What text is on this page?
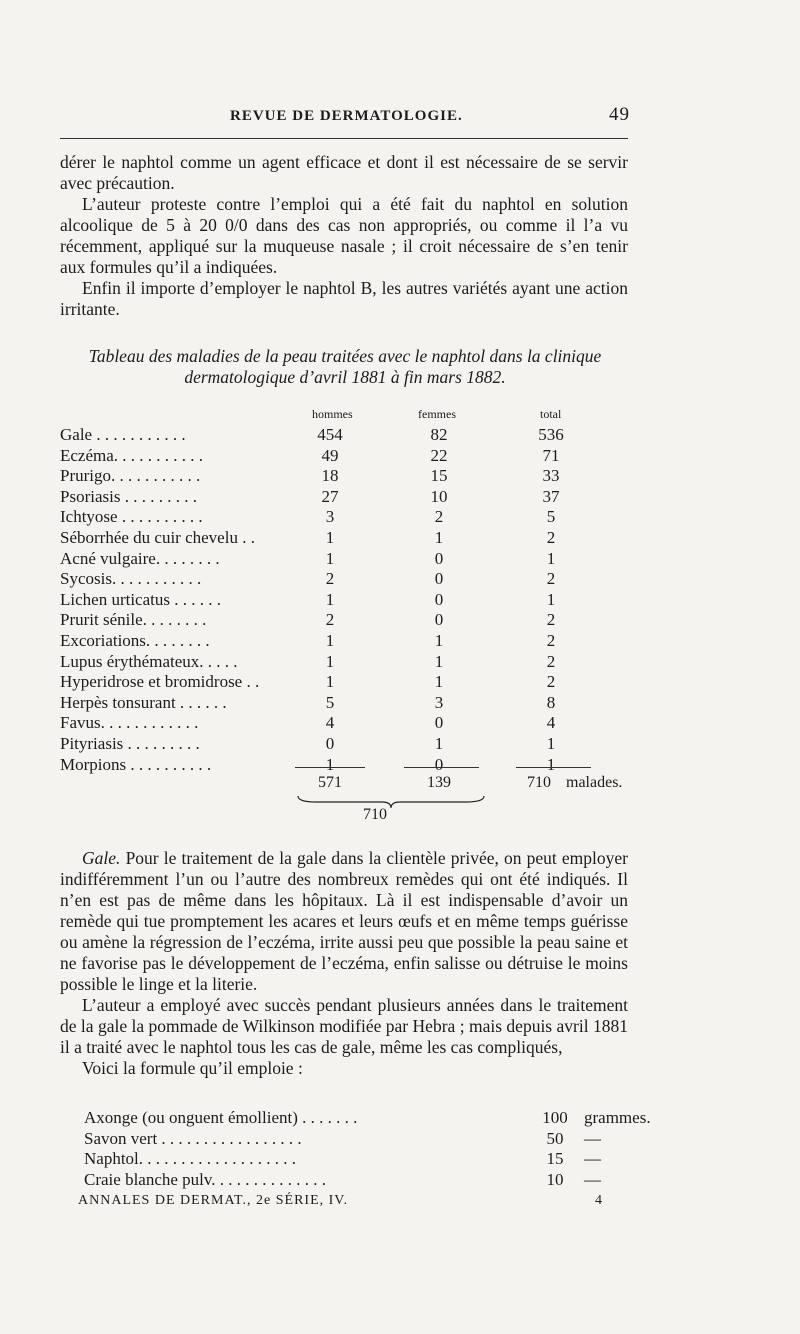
REVUE DE DERMATOLOGIE.	49

dérer le naphtol comme un agent efficace et dont il est nécessaire de se servir avec précaution.

L’auteur proteste contre l’emploi qui a été fait du naphtol en solution alcoolique de 5 à 20 0/0 dans des cas non appropriés, ou comme il l’a vu récemment, appliqué sur la muqueuse nasale ; il croit nécessaire de s’en tenir aux formules qu’il a indiquées.

Enfin il importe d’employer le naphtol B, les autres variétés ayant une action irritante.

Tableau des maladies de la peau traitées avec le naphtol dans la clinique dermatologique d’avril 1881 à fin mars 1882.
hommes	femmes	total
Gale . . . . . . . . . . .	454	82	536
Eczéma. . . . . . . . . . .	49	22	71
Prurigo. . . . . . . . . . .	18	15	33
Psoriasis . . . . . . . . .	27	10	37
Ichtyose . . . . . . . . . .	3	2	5
Séborrhée du cuir chevelu . .	1	1	2
Acné vulgaire. . . . . . . .	1	0	1
Sycosis. . . . . . . . . . .	2	0	2
Lichen urticatus . . . . . .	1	0	1
Prurit sénile. . . . . . . .	2	0	2
Excoriations. . . . . . . .	1	1	2
Lupus érythémateux. . . . .	1	1	2
Hyperidrose et bromidrose . .	1	1	2
Herpès tonsurant . . . . . .	5	3	8
Favus. . . . . . . . . . . .	4	0	4
Pityriasis . . . . . . . . .	0	1	1
Morpions . . . . . . . . . .	1	0	1
571	139	710 malades.
710

Gale. Pour le traitement de la gale dans la clientèle privée, on peut employer indifféremment l’un ou l’autre des nombreux remèdes qui ont été indiqués. Il n’en est pas de même dans les hôpitaux. Là il est indispensable d’avoir un remède qui tue promptement les acares et leurs œufs et en même temps guérisse ou amène la régression de l’eczéma, irrite aussi peu que possible la peau saine et ne favorise pas le développement de l’eczéma, enfin salisse ou détruise le moins possible le linge et la literie.

L’auteur a employé avec succès pendant plusieurs années dans le traitement de la gale la pommade de Wilkinson modifiée par Hebra ; mais depuis avril 1881 il a traité avec le naphtol tous les cas de gale, même les cas compliqués,

Voici la formule qu’il emploie :

Axonge (ou onguent émollient) . . . . . . .	100 grammes.
Savon vert . . . . . . . . . . . . . . . . .	50	—
Naphtol. . . . . . . . . . . . . . . . . . .	15	—
Craie blanche pulv. . . . . . . . . . . . . .	10	—
ANNALES DE DERMAT., 2e SÉRIE, IV.	4
